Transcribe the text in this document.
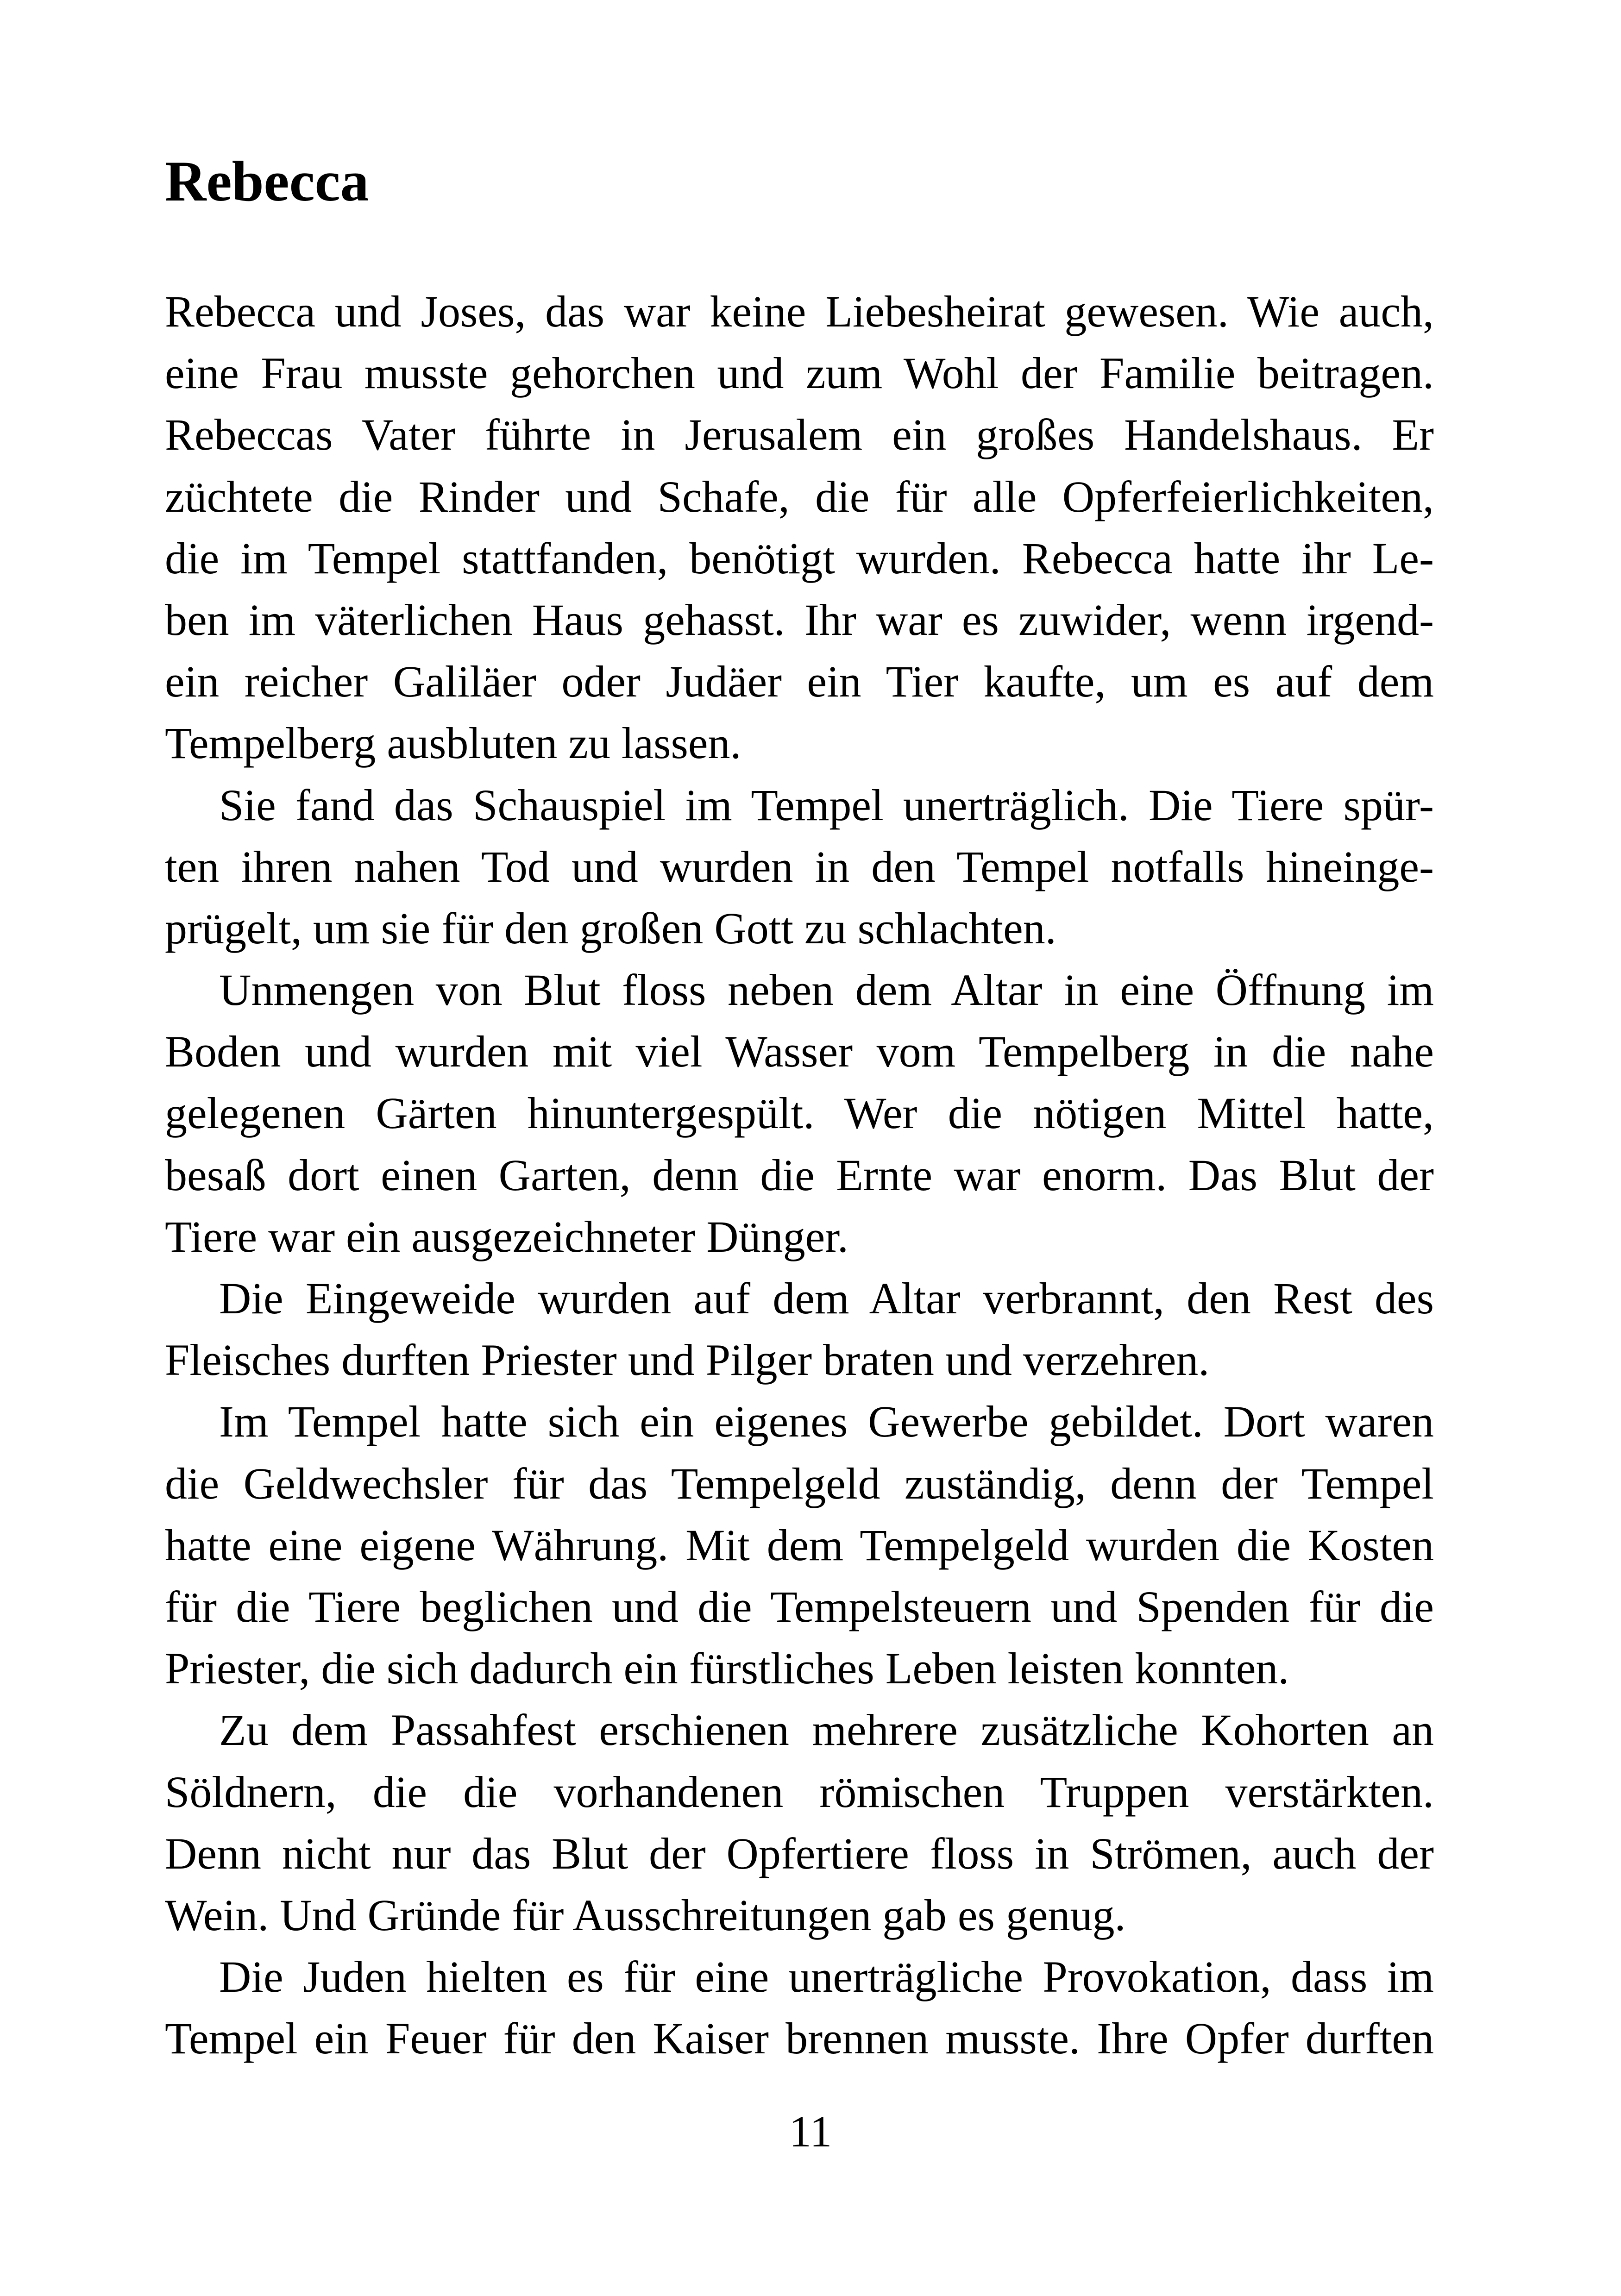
Rebecca
Rebecca und Joses, das war keine Liebesheirat gewesen. Wie auch,
eine Frau musste gehorchen und zum Wohl der Familie beitragen.
Rebeccas Vater führte in Jerusalem ein großes Handelshaus. Er
züchtete die Rinder und Schafe, die für alle Opferfeierlichkeiten,
die im Tempel stattfanden, benötigt wurden. Rebecca hatte ihr Le-
ben im väterlichen Haus gehasst. Ihr war es zuwider, wenn irgend-
ein reicher Galiläer oder Judäer ein Tier kaufte, um es auf dem
Tempelberg ausbluten zu lassen.
Sie fand das Schauspiel im Tempel unerträglich. Die Tiere spür-
ten ihren nahen Tod und wurden in den Tempel notfalls hineinge-
prügelt, um sie für den großen Gott zu schlachten.
Unmengen von Blut floss neben dem Altar in eine Öffnung im
Boden und wurden mit viel Wasser vom Tempelberg in die nahe
gelegenen Gärten hinuntergespült. Wer die nötigen Mittel hatte,
besaß dort einen Garten, denn die Ernte war enorm. Das Blut der
Tiere war ein ausgezeichneter Dünger.
Die Eingeweide wurden auf dem Altar verbrannt, den Rest des
Fleisches durften Priester und Pilger braten und verzehren.
Im Tempel hatte sich ein eigenes Gewerbe gebildet. Dort waren
die Geldwechsler für das Tempelgeld zuständig, denn der Tempel
hatte eine eigene Währung. Mit dem Tempelgeld wurden die Kosten
für die Tiere beglichen und die Tempelsteuern und Spenden für die
Priester, die sich dadurch ein fürstliches Leben leisten konnten.
Zu dem Passahfest erschienen mehrere zusätzliche Kohorten an
Söldnern, die die vorhandenen römischen Truppen verstärkten.
Denn nicht nur das Blut der Opfertiere floss in Strömen, auch der
Wein. Und Gründe für Ausschreitungen gab es genug.
Die Juden hielten es für eine unerträgliche Provokation, dass im
Tempel ein Feuer für den Kaiser brennen musste. Ihre Opfer durften
11
